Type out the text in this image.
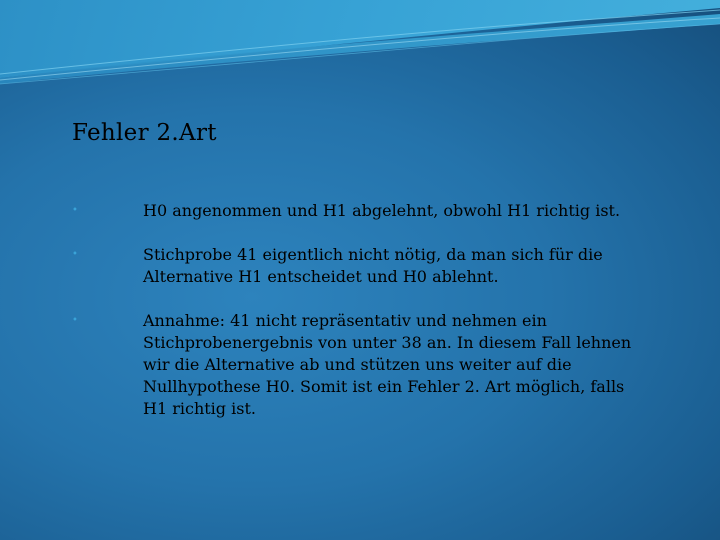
Fehler 2.Art
•	H0 angenommen und H1 abgelehnt, obwohl H1 richtig ist.
•	Stichprobe 41 eigentlich nicht nötig, da man sich für die Alternative H1 entscheidet und H0 ablehnt.
•	Annahme: 41 nicht repräsentativ und nehmen ein Stichprobenergebnis von unter 38 an. In diesem Fall lehnen wir die Alternative ab und stützen uns weiter auf die Nullhypothese H0. Somit ist ein Fehler 2. Art möglich, falls H1 richtig ist.
